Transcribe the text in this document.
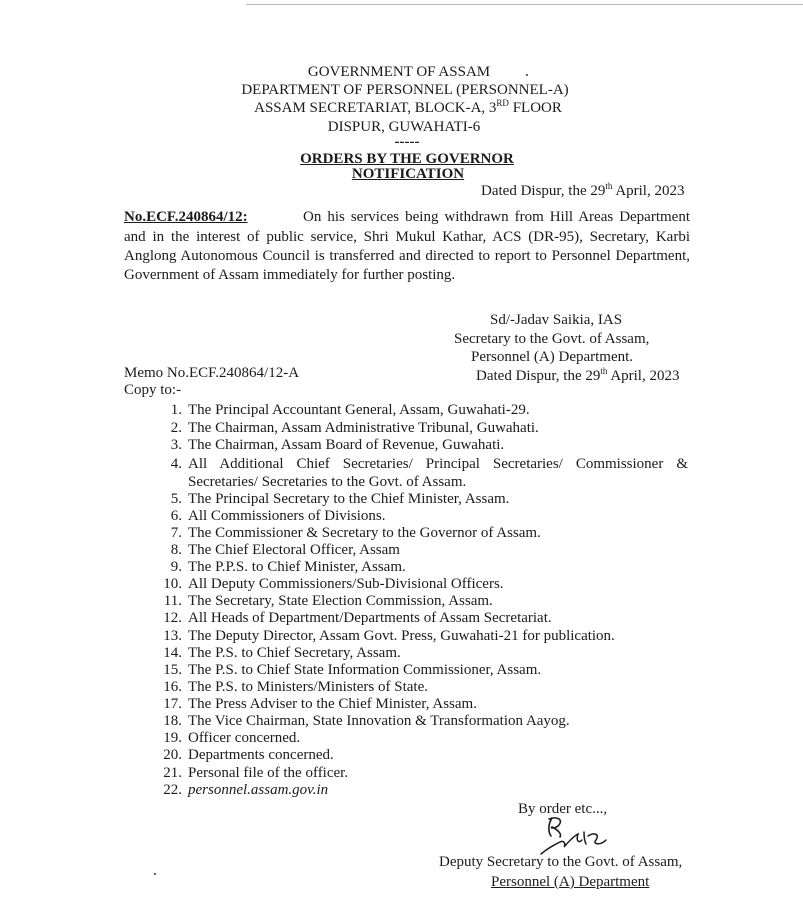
GOVERNMENT OF ASSAM
DEPARTMENT OF PERSONNEL (PERSONNEL-A)
ASSAM SECRETARIAT, BLOCK-A, 3RD FLOOR
DISPUR, GUWAHATI-6
-----
ORDERS BY THE GOVERNOR
NOTIFICATION
Dated Dispur, the 29th April, 2023
No.ECF.240864/12:	On his services being withdrawn from Hill Areas Department
and in the interest of public service, Shri Mukul Kathar, ACS (DR-95), Secretary, Karbi
Anglong Autonomous Council is transferred and directed to report to Personnel Department,
Government of Assam immediately for further posting.
Sd/-Jadav Saikia, IAS
Secretary to the Govt. of Assam,
Personnel (A) Department.
Dated Dispur, the 29th April, 2023
Memo No.ECF.240864/12-A
Copy to:-
1. The Principal Accountant General, Assam, Guwahati-29.
2. The Chairman, Assam Administrative Tribunal, Guwahati.
3. The Chairman, Assam Board of Revenue, Guwahati.
4. All Additional Chief Secretaries/ Principal Secretaries/ Commissioner &
Secretaries/ Secretaries to the Govt. of Assam.
5. The Principal Secretary to the Chief Minister, Assam.
6. All Commissioners of Divisions.
7. The Commissioner & Secretary to the Governor of Assam.
8. The Chief Electoral Officer, Assam
9. The P.P.S. to Chief Minister, Assam.
10. All Deputy Commissioners/Sub-Divisional Officers.
11. The Secretary, State Election Commission, Assam.
12. All Heads of Department/Departments of Assam Secretariat.
13. The Deputy Director, Assam Govt. Press, Guwahati-21 for publication.
14. The P.S. to Chief Secretary, Assam.
15. The P.S. to Chief State Information Commissioner, Assam.
16. The P.S. to Ministers/Ministers of State.
17. The Press Adviser to the Chief Minister, Assam.
18. The Vice Chairman, State Innovation & Transformation Aayog.
19. Officer concerned.
20. Departments concerned.
21. Personal file of the officer.
22. personnel.assam.gov.in
By order etc...,
Deputy Secretary to the Govt. of Assam,
Personnel (A) Department
